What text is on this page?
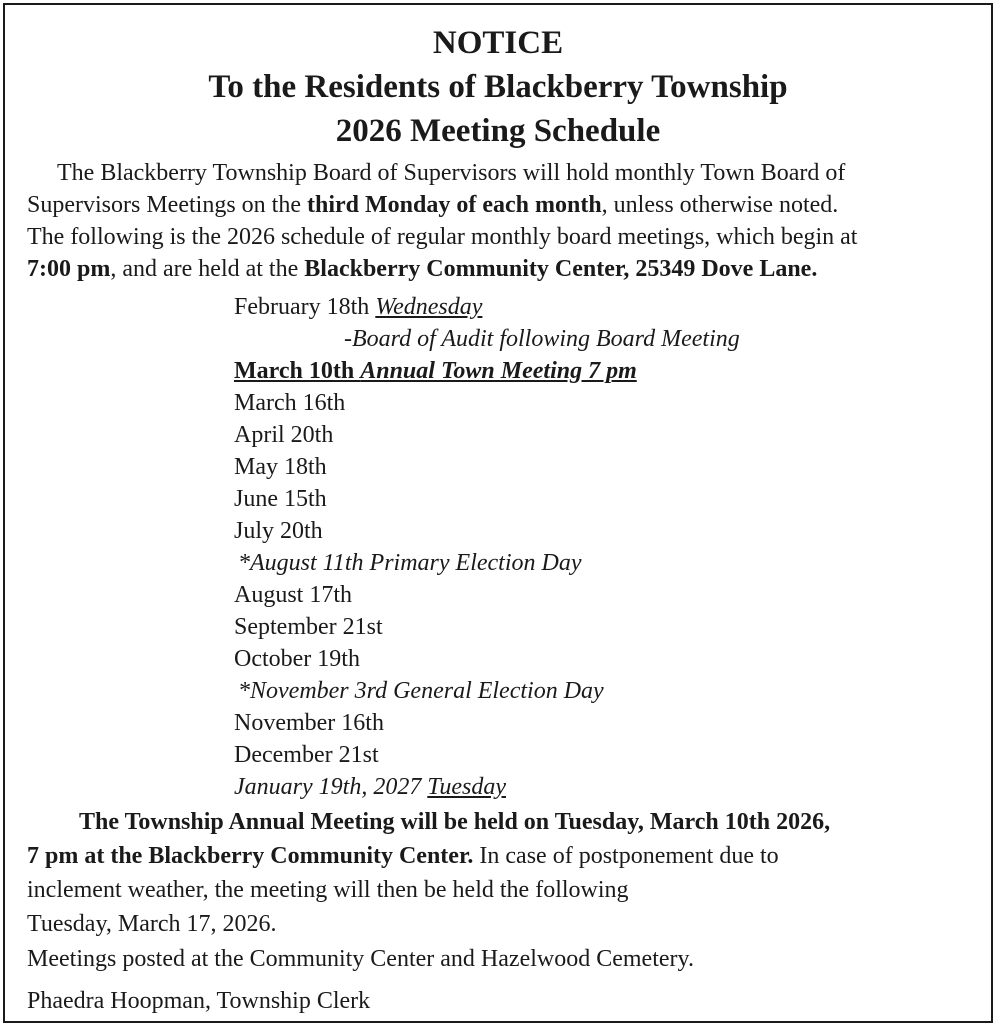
NOTICE
To the Residents of Blackberry Township
2026 Meeting Schedule
The Blackberry Township Board of Supervisors will hold monthly Town Board of
Supervisors Meetings on the third Monday of each month, unless otherwise noted.
The following is the 2026 schedule of regular monthly board meetings, which begin at
7:00 pm, and are held at the Blackberry Community Center, 25349 Dove Lane.
February 18th Wednesday
-Board of Audit following Board Meeting
March 10th Annual Town Meeting 7 pm
March 16th
April 20th
May 18th
June 15th
July 20th
*August 11th Primary Election Day
August 17th
September 21st
October 19th
*November 3rd General Election Day
November 16th
December 21st
January 19th, 2027 Tuesday
The Township Annual Meeting will be held on Tuesday, March 10th 2026,
7 pm at the Blackberry Community Center. In case of postponement due to
inclement weather, the meeting will then be held the following
Tuesday, March 17, 2026.
Meetings posted at the Community Center and Hazelwood Cemetery.
Phaedra Hoopman, Township Clerk
